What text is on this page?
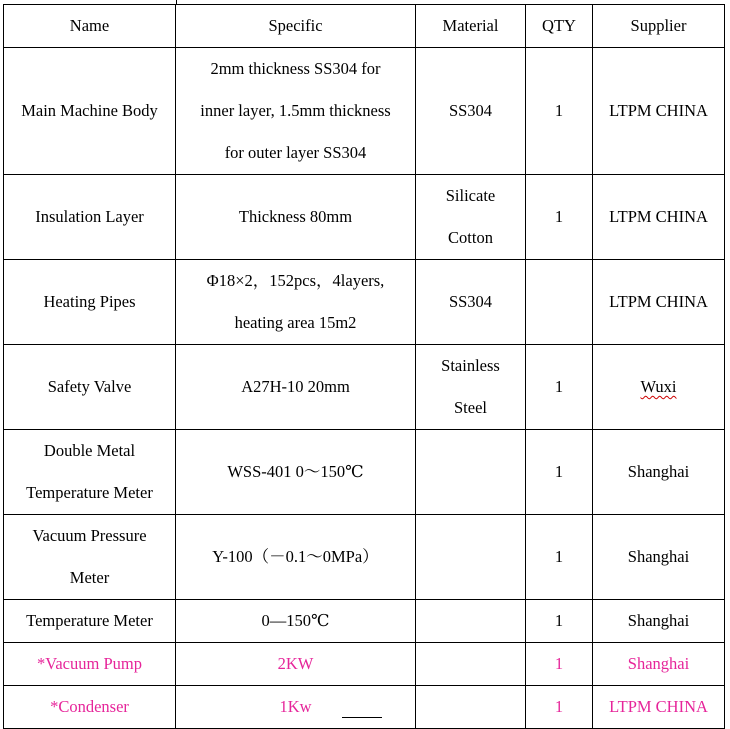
Name	Specific	Material	QTY	Supplier

Main Machine Body	2mm thickness SS304 for
inner layer, 1.5mm thickness
for outer layer SS304	SS304	1	LTPM CHINA

Insulation Layer	Thickness 80mm	Silicate
Cotton	1	LTPM CHINA

Heating Pipes	Φ18×2，152pcs，4layers,
heating area 15m2	SS304		LTPM CHINA

Safety Valve	A27H-10 20mm	Stainless
Steel	1	Wuxi

Double Metal
Temperature Meter	WSS-401 0～150℃		1	Shanghai

Vacuum Pressure
Meter	Y-100（－0.1～0MPa）		1	Shanghai

Temperature Meter	0—150℃		1	Shanghai

*Vacuum Pump	2KW		1	Shanghai

*Condenser	1Kw		1	LTPM CHINA
